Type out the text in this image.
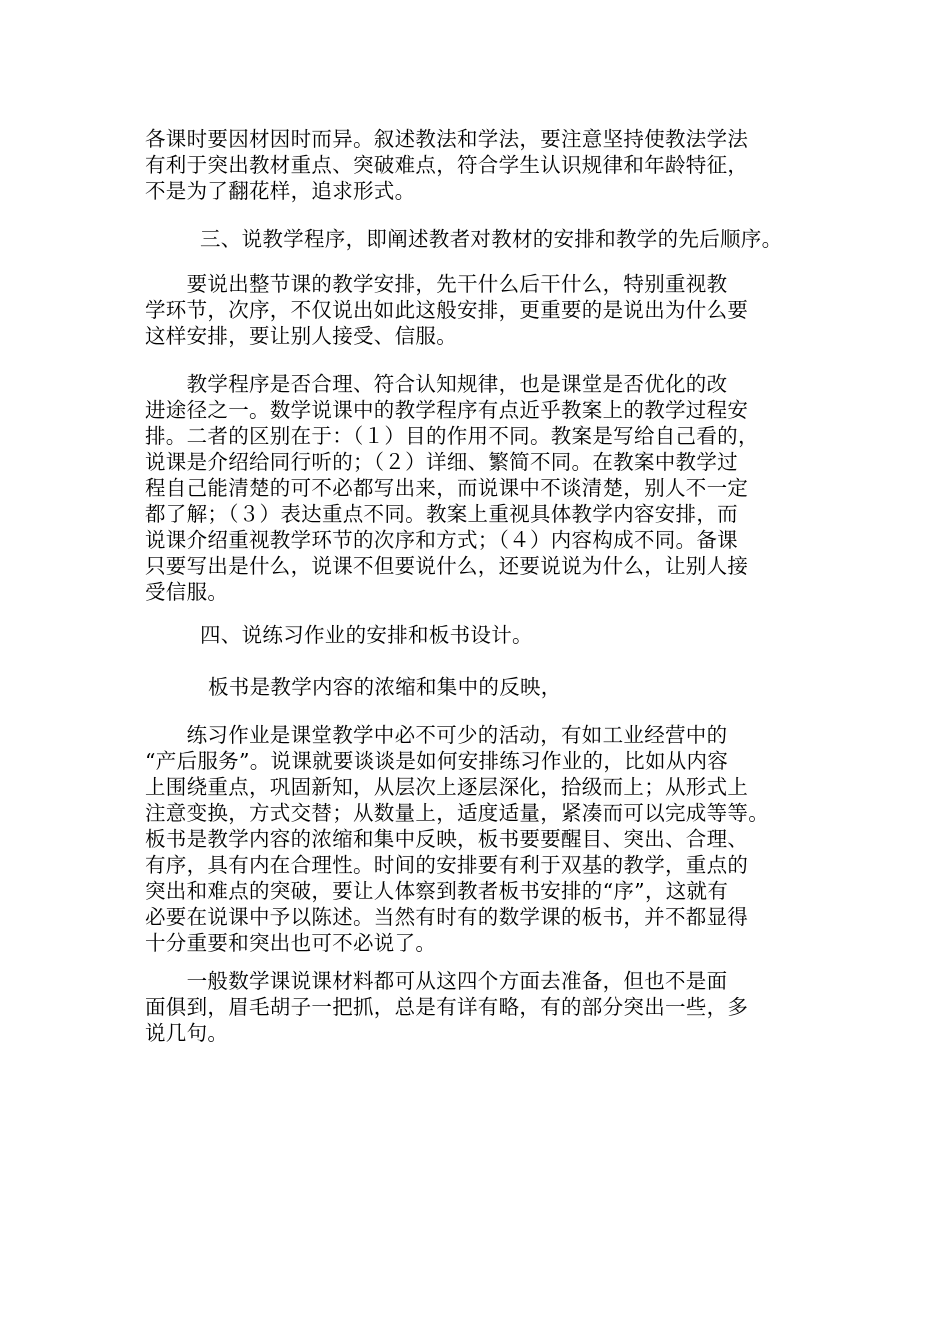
各课时要因材因时而异。叙述教法和学法，要注意坚持使教法学法
有利于突出教材重点、突破难点，符合学生认识规律和年龄特征，
不是为了翻花样，追求形式。
三、说教学程序，即阐述教者对教材的安排和教学的先后顺序。
　　要说出整节课的教学安排，先干什么后干什么，特别重视教
学环节，次序，不仅说出如此这般安排，更重要的是说出为什么要
这样安排，要让别人接受、信服。
　　教学程序是否合理、符合认知规律，也是课堂是否优化的改
进途径之一。数学说课中的教学程序有点近乎教案上的教学过程安
排。二者的区别在于：（１）目的作用不同。教案是写给自己看的，
说课是介绍给同行听的；（２）详细、繁简不同。在教案中教学过
程自己能清楚的可不必都写出来，而说课中不谈清楚，别人不一定
都了解；（３）表达重点不同。教案上重视具体教学内容安排，而
说课介绍重视教学环节的次序和方式；（４）内容构成不同。备课
只要写出是什么，说课不但要说什么，还要说说为什么，让别人接
受信服。
四、说练习作业的安排和板书设计。
板书是教学内容的浓缩和集中的反映，
　　练习作业是课堂教学中必不可少的活动，有如工业经营中的
“产后服务”。说课就要谈谈是如何安排练习作业的，比如从内容
上围绕重点，巩固新知，从层次上逐层深化，拾级而上；从形式上
注意变换，方式交替；从数量上，适度适量，紧凑而可以完成等等。
板书是教学内容的浓缩和集中反映，板书要要醒目、突出、合理、
有序，具有内在合理性。时间的安排要有利于双基的教学，重点的
突出和难点的突破，要让人体察到教者板书安排的“序”，这就有
必要在说课中予以陈述。当然有时有的数学课的板书，并不都显得
十分重要和突出也可不必说了。
　　一般数学课说课材料都可从这四个方面去准备，但也不是面
面俱到，眉毛胡子一把抓，总是有详有略，有的部分突出一些，多
说几句。
